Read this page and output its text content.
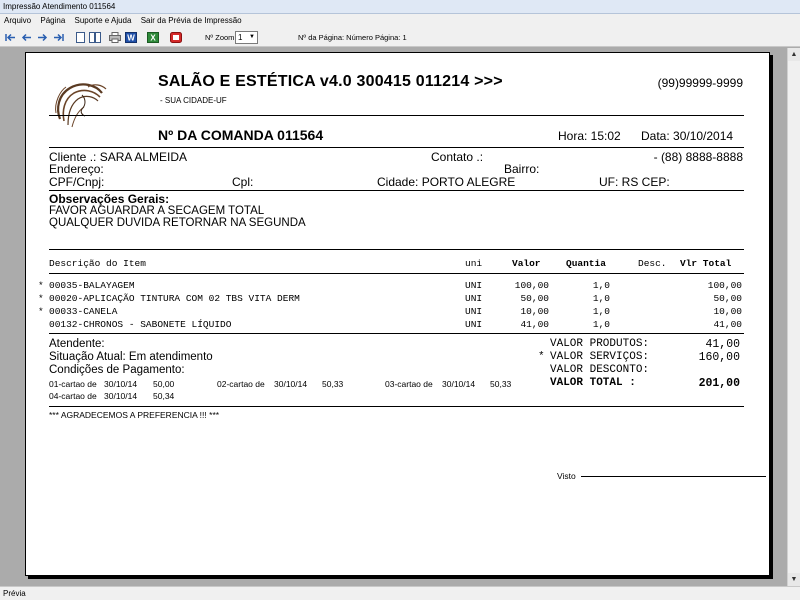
Impressão Atendimento 011564
Arquivo Página Suporte e Ajuda Sair da Prévia de Impressão
W X	Nº Zoom 1 ▼	Nº da Página: Número Página: 1
SALÃO E ESTÉTICA v4.0 300415 011214 >>>
- SUA CIDADE-UF
(99)99999-9999
Nº DA COMANDA 011564	Hora: 15:02 Data: 30/10/2014
Cliente .: SARA ALMEIDA	Contato .:	- (88) 8888-8888
Endereço:	Bairro:
CPF/Cnpj:	Cpl:	Cidade: PORTO ALEGRE	UF: RS CEP:
Observações Gerais:
FAVOR AGUARDAR A SECAGEM TOTAL
QUALQUER DUVIDA RETORNAR NA SEGUNDA
Descrição do Item	uni	Valor	Quantia	Desc. Vlr Total
* 00035-BALAYAGEM	UNI	100,00	1,0	100,00
* 00020-APLICAÇÃO TINTURA COM 02 TBS VITA DERM	UNI	50,00	1,0	50,00
* 00033-CANELA	UNI	10,00	1,0	10,00
00132-CHRONOS - SABONETE LÍQUIDO	UNI	41,00	1,0	41,00
Atendente:
Situação Atual: Em atendimento
Condições de Pagamento:
01-cartao de 30/10/14 50,00	02-cartao de 30/10/14 50,33	03-cartao de 30/10/14 50,33
04-cartao de 30/10/14 50,34
VALOR PRODUTOS:	41,00
* VALOR SERVIÇOS:	160,00
VALOR DESCONTO:
VALOR TOTAL :	201,00
*** AGRADECEMOS A PREFERENCIA !!! ***
Visto
▲
▼
Prévia
